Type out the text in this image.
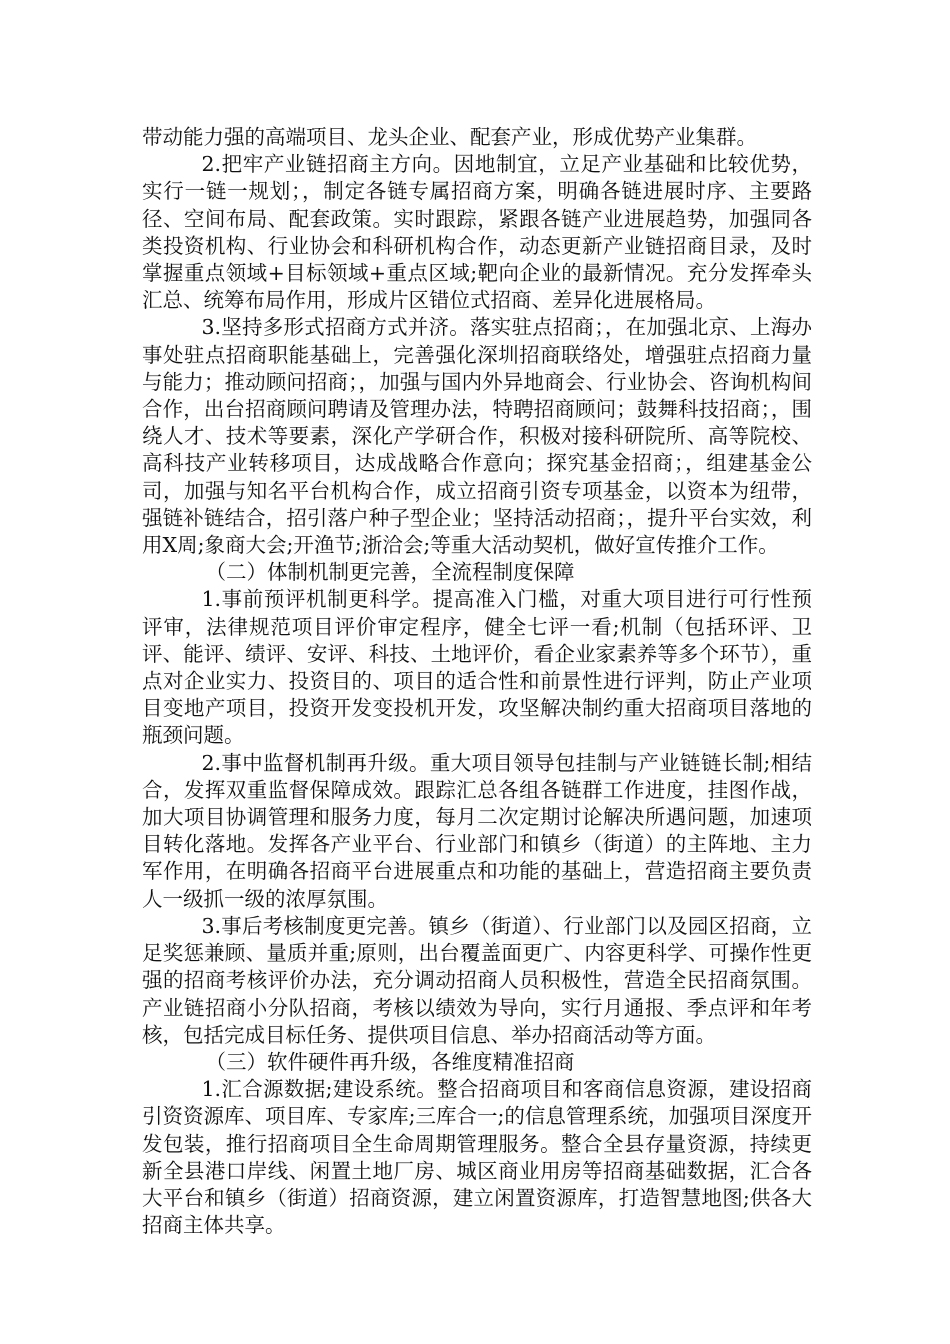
带动能力强的高端项目、龙头企业、配套产业，形成优势产业集群。

2.把牢产业链招商主方向。因地制宜，立足产业基础和比较优势，实行一链一规划；，制定各链专属招商方案，明确各链进展时序、主要路径、空间布局、配套政策。实时跟踪，紧跟各链产业进展趋势，加强同各类投资机构、行业协会和科研机构合作，动态更新产业链招商目录，及时掌握重点领域+目标领域+重点区域;靶向企业的最新情况。充分发挥牵头汇总、统筹布局作用，形成片区错位式招商、差异化进展格局。

3.坚持多形式招商方式并济。落实驻点招商；，在加强北京、上海办事处驻点招商职能基础上，完善强化深圳招商联络处，增强驻点招商力量与能力；推动顾问招商；，加强与国内外异地商会、行业协会、咨询机构间合作，出台招商顾问聘请及管理办法，特聘招商顾问；鼓舞科技招商；，围绕人才、技术等要素，深化产学研合作，积极对接科研院所、高等院校、高科技产业转移项目，达成战略合作意向；探究基金招商；，组建基金公司，加强与知名平台机构合作，成立招商引资专项基金，以资本为纽带，强链补链结合，招引落户种子型企业；坚持活动招商；，提升平台实效，利用X周;象商大会;开渔节;浙洽会;等重大活动契机，做好宣传推介工作。

（二）体制机制更完善，全流程制度保障

1.事前预评机制更科学。提高准入门槛，对重大项目进行可行性预评审，法律规范项目评价审定程序，健全七评一看;机制（包括环评、卫评、能评、绩评、安评、科技、土地评价，看企业家素养等多个环节），重点对企业实力、投资目的、项目的适合性和前景性进行评判，防止产业项目变地产项目，投资开发变投机开发，攻坚解决制约重大招商项目落地的瓶颈问题。

2.事中监督机制再升级。重大项目领导包挂制与产业链链长制;相结合，发挥双重监督保障成效。跟踪汇总各组各链群工作进度，挂图作战，加大项目协调管理和服务力度，每月二次定期讨论解决所遇问题，加速项目转化落地。发挥各产业平台、行业部门和镇乡（街道）的主阵地、主力军作用，在明确各招商平台进展重点和功能的基础上，营造招商主要负责人一级抓一级的浓厚氛围。

3.事后考核制度更完善。镇乡（街道）、行业部门以及园区招商，立足奖惩兼顾、量质并重;原则，出台覆盖面更广、内容更科学、可操作性更强的招商考核评价办法，充分调动招商人员积极性，营造全民招商氛围。产业链招商小分队招商，考核以绩效为导向，实行月通报、季点评和年考核，包括完成目标任务、提供项目信息、举办招商活动等方面。

（三）软件硬件再升级，各维度精准招商

1.汇合源数据;建设系统。整合招商项目和客商信息资源，建设招商引资资源库、项目库、专家库;三库合一;的信息管理系统，加强项目深度开发包装，推行招商项目全生命周期管理服务。整合全县存量资源，持续更新全县港口岸线、闲置土地厂房、城区商业用房等招商基础数据，汇合各大平台和镇乡（街道）招商资源，建立闲置资源库，打造智慧地图;供各大招商主体共享。
